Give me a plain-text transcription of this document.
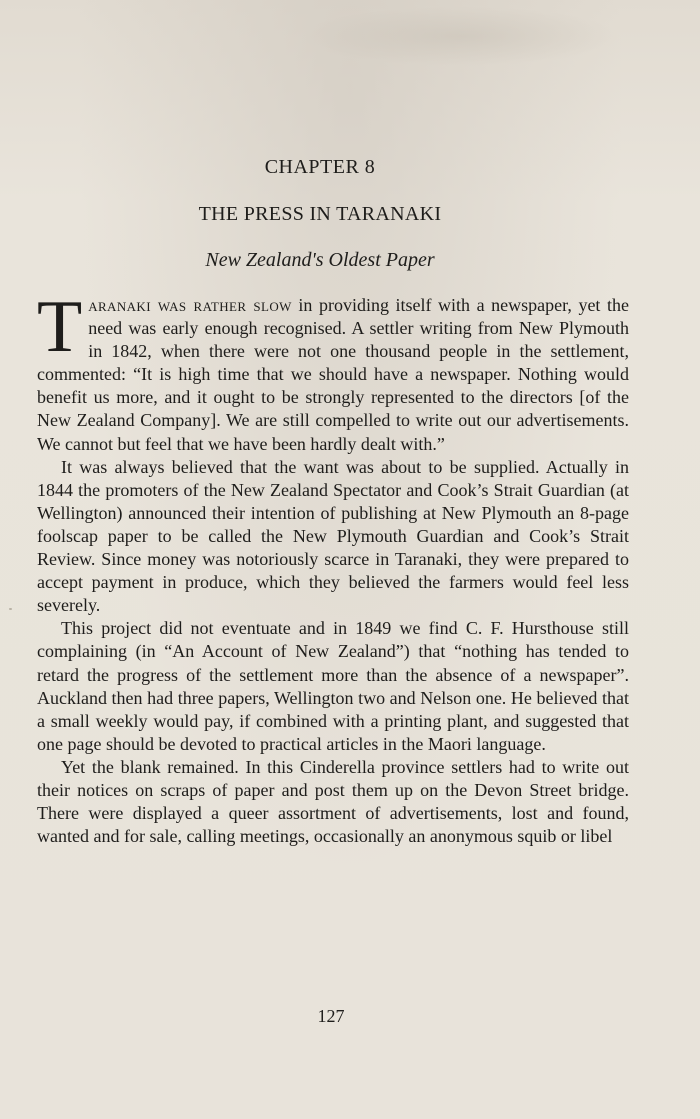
CHAPTER 8
THE PRESS IN TARANAKI
New Zealand's Oldest Paper

Taranaki was rather slow in providing itself with a newspaper, yet the need was early enough recognised. A settler writing from New Plymouth in 1842, when there were not one thousand people in the settlement, commented: “It is high time that we should have a newspaper. Nothing would benefit us more, and it ought to be strongly represented to the directors [of the New Zealand Company]. We are still compelled to write out our advertisements. We cannot but feel that we have been hardly dealt with.”

It was always believed that the want was about to be supplied. Actually in 1844 the promoters of the New Zealand Spectator and Cook’s Strait Guardian (at Wellington) announced their intention of publishing at New Plymouth an 8-page foolscap paper to be called the New Plymouth Guardian and Cook’s Strait Review. Since money was notoriously scarce in Taranaki, they were prepared to accept payment in produce, which they believed the farmers would feel less severely.

This project did not eventuate and in 1849 we find C. F. Hursthouse still complaining (in “An Account of New Zealand”) that “nothing has tended to retard the progress of the settlement more than the absence of a newspaper”. Auckland then had three papers, Wellington two and Nelson one. He believed that a small weekly would pay, if combined with a printing plant, and suggested that one page should be devoted to practical articles in the Maori language.

Yet the blank remained. In this Cinderella province settlers had to write out their notices on scraps of paper and post them up on the Devon Street bridge. There were displayed a queer assortment of advertisements, lost and found, wanted and for sale, calling meetings, occasionally an anonymous squib or libel

127
